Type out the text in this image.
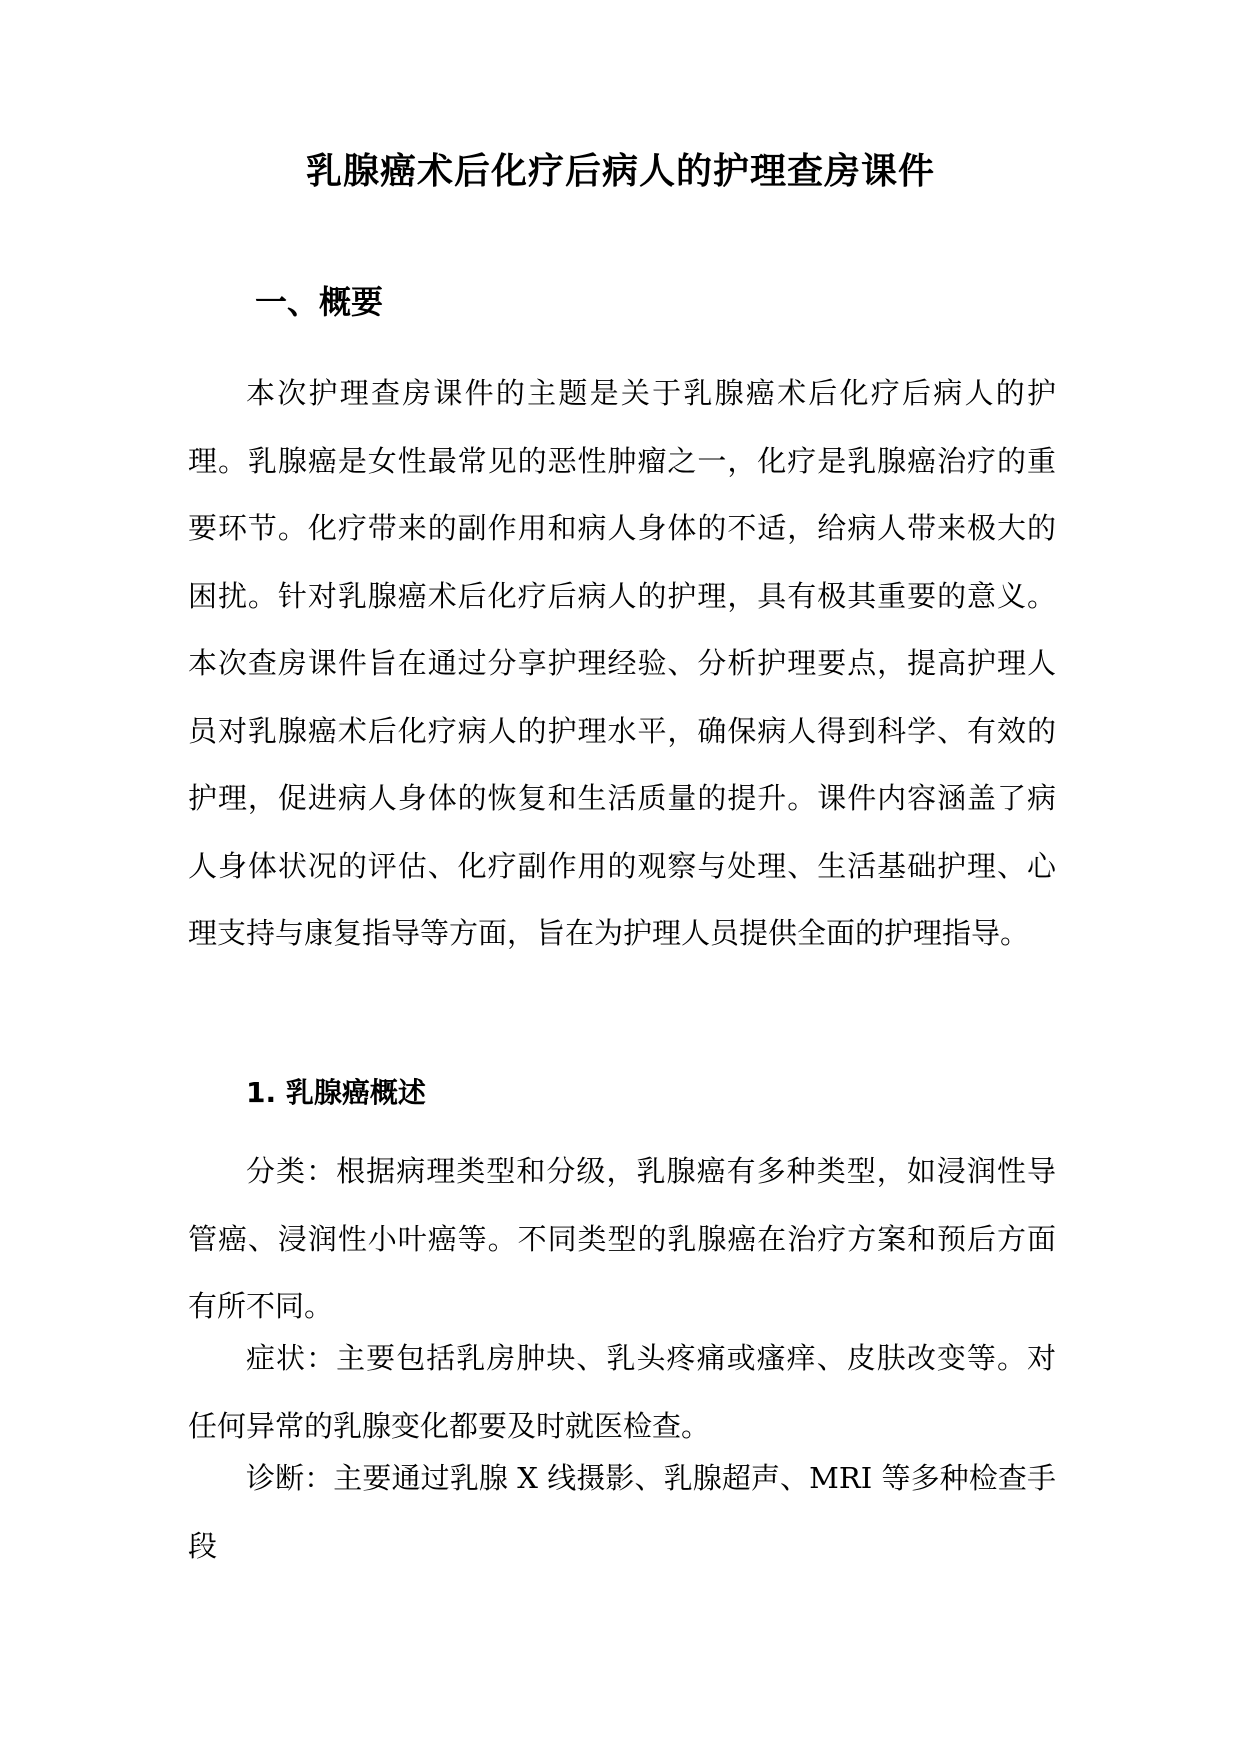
乳腺癌术后化疗后病人的护理查房课件
一、概要

本次护理查房课件的主题是关于乳腺癌术后化疗后病人的护理。乳腺癌是女性最常见的恶性肿瘤之一，化疗是乳腺癌治疗的重要环节。化疗带来的副作用和病人身体的不适，给病人带来极大的困扰。针对乳腺癌术后化疗后病人的护理，具有极其重要的意义。本次查房课件旨在通过分享护理经验、分析护理要点，提高护理人员对乳腺癌术后化疗病人的护理水平，确保病人得到科学、有效的护理，促进病人身体的恢复和生活质量的提升。课件内容涵盖了病人身体状况的评估、化疗副作用的观察与处理、生活基础护理、心理支持与康复指导等方面，旨在为护理人员提供全面的护理指导。

1. 乳腺癌概述

分类：根据病理类型和分级，乳腺癌有多种类型，如浸润性导管癌、浸润性小叶癌等。不同类型的乳腺癌在治疗方案和预后方面有所不同。

症状：主要包括乳房肿块、乳头疼痛或瘙痒、皮肤改变等。对任何异常的乳腺变化都要及时就医检查。

诊断：主要通过乳腺 X 线摄影、乳腺超声、MRI 等多种检查手段
